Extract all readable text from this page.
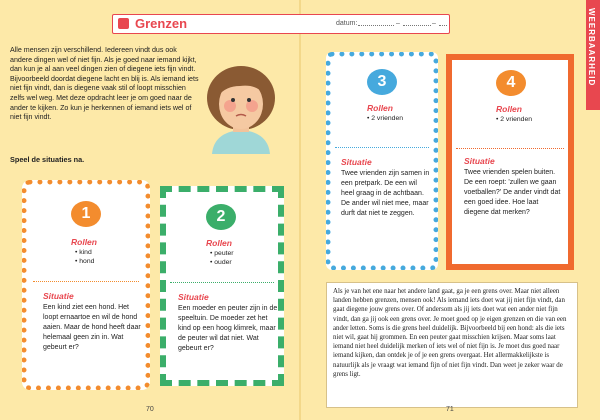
Grenzen	datum:	–	–	WEERBAARHEID
Alle mensen zijn verschillend. Iedereen vindt dus ook andere dingen wel of niet fijn. Als je goed naar iemand kijkt, dan kun je al aan veel dingen zien of diegene iets fijn vindt. Bijvoorbeeld doordat diegene lacht en blij is. Als iemand iets niet fijn vindt, dan is diegene vaak stil of loopt misschien zelfs wel weg. Met deze opdracht leer je om goed naar de ander te kijken. Zo kun je herkennen of iemand iets wel of niet fijn vindt.
Speel de situaties na.
1
Rollen
• kind
• hond
Situatie
Een kind ziet een hond. Het loopt ernaartoe en wil de hond aaien. Maar de hond heeft daar helemaal geen zin in. Wat gebeurt er?
2
Rollen
• peuter
• ouder
Situatie
Een moeder en peuter zijn in de speeltuin. De moeder zet het kind op een hoog klimrek, maar de peuter wil dat niet. Wat gebeurt er?
3
Rollen
• 2 vrienden
Situatie
Twee vrienden zijn samen in een pretpark. De een wil heel graag in de achtbaan. De ander wil niet mee, maar durft dat niet te zeggen.
4
Rollen
• 2 vrienden
Situatie
Twee vrienden spelen buiten. De een roept: 'zullen we gaan voetballen?' De ander vindt dat een goed idee. Hoe laat diegene dat merken?

Als je van het ene naar het andere land gaat, ga je een grens over. Maar niet alleen landen hebben grenzen, mensen ook! Als iemand iets doet wat jij niet fijn vindt, dan gaat diegene jouw grens over. Of andersom als jij iets doet wat een ander niet fijn vindt, dan ga jij ook een grens over. Je moet goed op je eigen grenzen en die van een ander letten. Soms is die grens heel duidelijk. Bijvoorbeeld bij een hond: als die iets niet wil, gaat hij grommen. En een peuter gaat misschien krijsen. Maar soms laat iemand niet heel duidelijk merken of iets wel of niet fijn is. Je moet dus goed naar iemand kijken, dan ontdek je of je een grens overgaat. Het allermakkelijkste is natuurlijk als je vraagt wat iemand fijn of niet fijn vindt. Dan weet je zeker waar de grens ligt.

70	71
